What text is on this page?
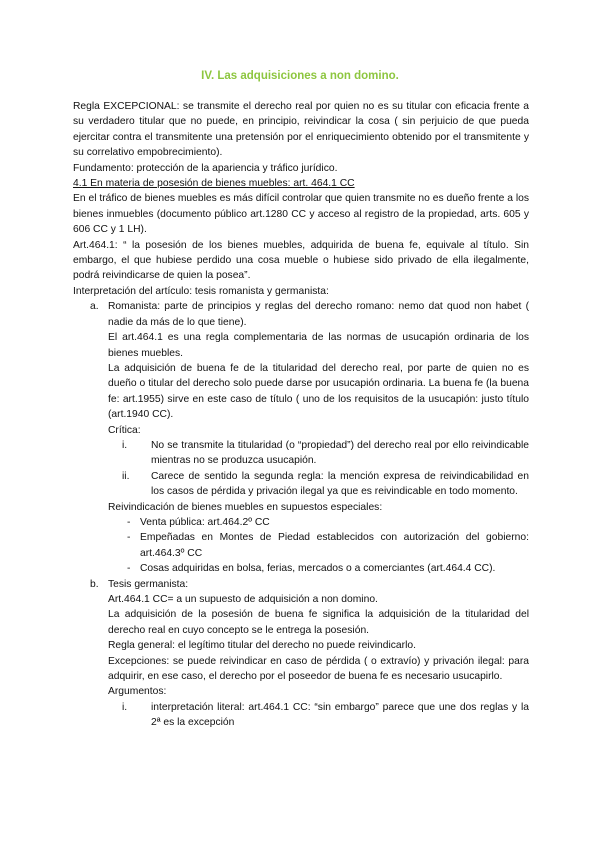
IV. Las adquisiciones a non domino.

Regla EXCEPCIONAL: se transmite el derecho real por quien no es su titular con eficacia frente a su verdadero titular que no puede, en principio, reivindicar la cosa ( sin perjuicio de que pueda ejercitar contra el transmitente una pretensión por el enriquecimiento obtenido por el transmitente y su correlativo empobrecimiento).

Fundamento: protección de la apariencia y tráfico jurídico.

4.1 En materia de posesión de bienes muebles: art. 464.1 CC

En el tráfico de bienes muebles es más difícil controlar que quien transmite no es dueño frente a los bienes inmuebles (documento público art.1280 CC y acceso al registro de la propiedad, arts. 605 y 606 CC y 1 LH).

Art.464.1: “ la posesión de los bienes muebles, adquirida de buena fe, equivale al título. Sin embargo, el que hubiese perdido una cosa mueble o hubiese sido privado de ella ilegalmente, podrá reivindicarse de quien la posea”.

Interpretación del artículo: tesis romanista y germanista:

a. Romanista: parte de principios y reglas del derecho romano: nemo dat quod non habet ( nadie da más de lo que tiene).

El art.464.1 es una regla complementaria de las normas de usucapión ordinaria de los bienes muebles.

La adquisición de buena fe de la titularidad del derecho real, por parte de quien no es dueño o titular del derecho solo puede darse por usucapión ordinaria. La buena fe (la buena fe: art.1955) sirve en este caso de título ( uno de los requisitos de la usucapión: justo título (art.1940 CC).

Crítica:

i. No se transmite la titularidad (o “propiedad”) del derecho real por ello reivindicable mientras no se produzca usucapión.
ii. Carece de sentido la segunda regla: la mención expresa de reivindicabilidad en los casos de pérdida y privación ilegal ya que es reivindicable en todo momento.

Reivindicación de bienes muebles en supuestos especiales:

- Venta pública: art.464.2º CC
- Empeñadas en Montes de Piedad establecidos con autorización del gobierno: art.464.3º CC
- Cosas adquiridas en bolsa, ferias, mercados o a comerciantes (art.464.4 CC).
b. Tesis germanista:

Art.464.1 CC= a un supuesto de adquisición a non domino.

La adquisición de la posesión de buena fe significa la adquisición de la titularidad del derecho real en cuyo concepto se le entrega la posesión.

Regla general: el legítimo titular del derecho no puede reivindicarlo.

Excepciones: se puede reivindicar en caso de pérdida ( o extravío) y privación ilegal: para adquirir, en ese caso, el derecho por el poseedor de buena fe es necesario usucapirlo.

Argumentos:

i. interpretación literal: art.464.1 CC: “sin embargo” parece que une dos reglas y la 2ª es la excepción
